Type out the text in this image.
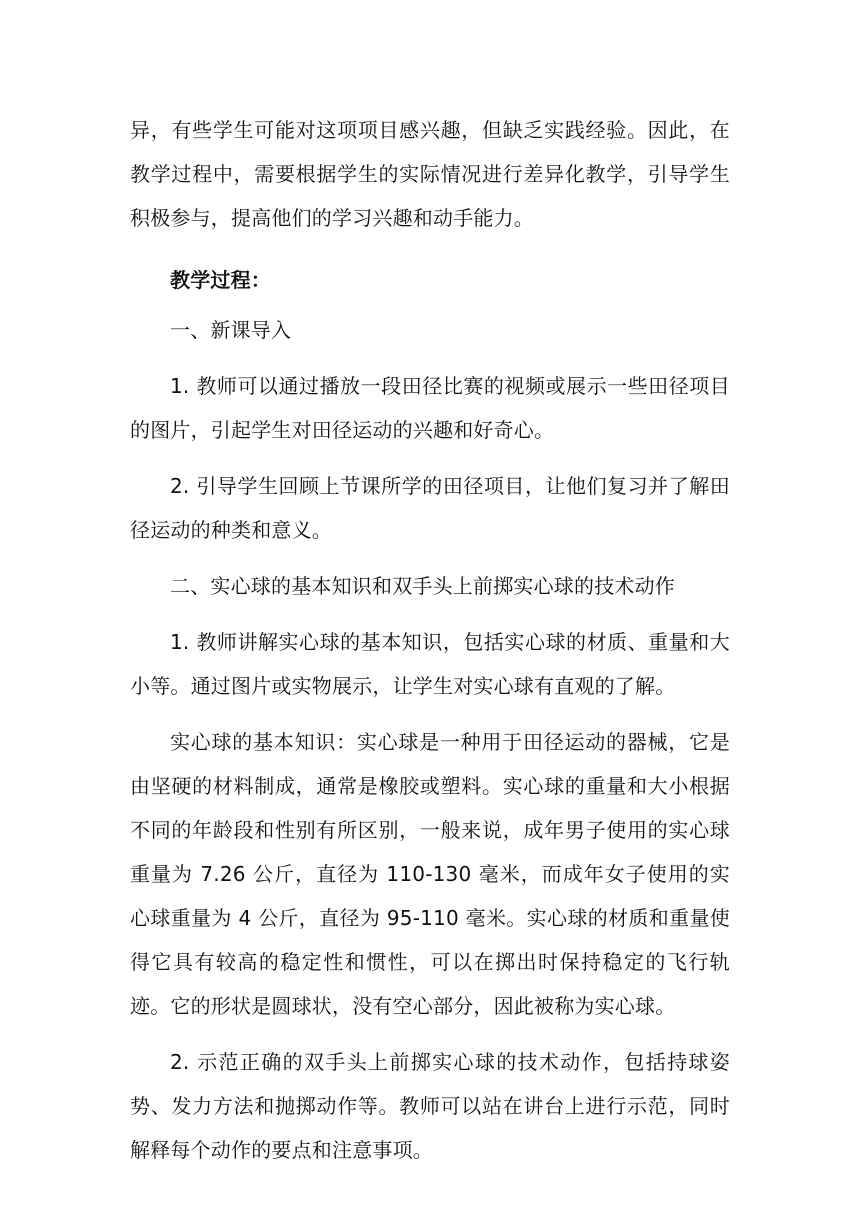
异，有些学生可能对这项项目感兴趣，但缺乏实践经验。因此，在教学过程中，需要根据学生的实际情况进行差异化教学，引导学生积极参与，提高他们的学习兴趣和动手能力。

教学过程：

一、新课导入

1. 教师可以通过播放一段田径比赛的视频或展示一些田径项目的图片，引起学生对田径运动的兴趣和好奇心。

2. 引导学生回顾上节课所学的田径项目，让他们复习并了解田径运动的种类和意义。

二、实心球的基本知识和双手头上前掷实心球的技术动作

1. 教师讲解实心球的基本知识，包括实心球的材质、重量和大小等。通过图片或实物展示，让学生对实心球有直观的了解。

实心球的基本知识：实心球是一种用于田径运动的器械，它是由坚硬的材料制成，通常是橡胶或塑料。实心球的重量和大小根据不同的年龄段和性别有所区别，一般来说，成年男子使用的实心球重量为 7.26 公斤，直径为 110-130 毫米，而成年女子使用的实心球重量为 4 公斤，直径为 95-110 毫米。实心球的材质和重量使得它具有较高的稳定性和惯性，可以在掷出时保持稳定的飞行轨迹。它的形状是圆球状，没有空心部分，因此被称为实心球。

2. 示范正确的双手头上前掷实心球的技术动作，包括持球姿势、发力方法和抛掷动作等。教师可以站在讲台上进行示范，同时解释每个动作的要点和注意事项。
